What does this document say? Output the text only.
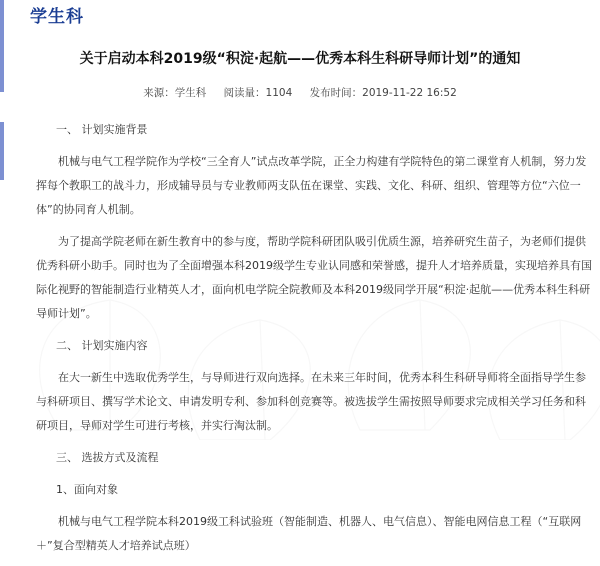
学生科
关于启动本科2019级“积淀·起航——优秀本科生科研导师计划”的通知
来源：学生科 阅读量：1104 发布时间：2019-11-22 16:52

一、 计划实施背景

机械与电气工程学院作为学校“三全育人”试点改革学院，正全力构建有学院特色的第二课堂育人机制，努力发挥每个教职工的战斗力，形成辅导员与专业教师两支队伍在课堂、实践、文化、科研、组织、管理等方位“六位一体”的协同育人机制。

为了提高学院老师在新生教育中的参与度，帮助学院科研团队吸引优质生源，培养研究生苗子，为老师们提供优秀科研小助手。同时也为了全面增强本科2019级学生专业认同感和荣誉感，提升人才培养质量，实现培养具有国际化视野的智能制造行业精英人才，面向机电学院全院教师及本科2019级同学开展“积淀·起航——优秀本科生科研导师计划”。

二、 计划实施内容

在大一新生中选取优秀学生，与导师进行双向选择。在未来三年时间，优秀本科生科研导师将全面指导学生参与科研项目、撰写学术论文、申请发明专利、参加科创竞赛等。被选拔学生需按照导师要求完成相关学习任务和科研项目，导师对学生可进行考核，并实行淘汰制。

三、 选拔方式及流程

1、面向对象

机械与电气工程学院本科2019级工科试验班（智能制造、机器人、电气信息）、智能电网信息工程（“互联网＋”复合型精英人才培养试点班）
